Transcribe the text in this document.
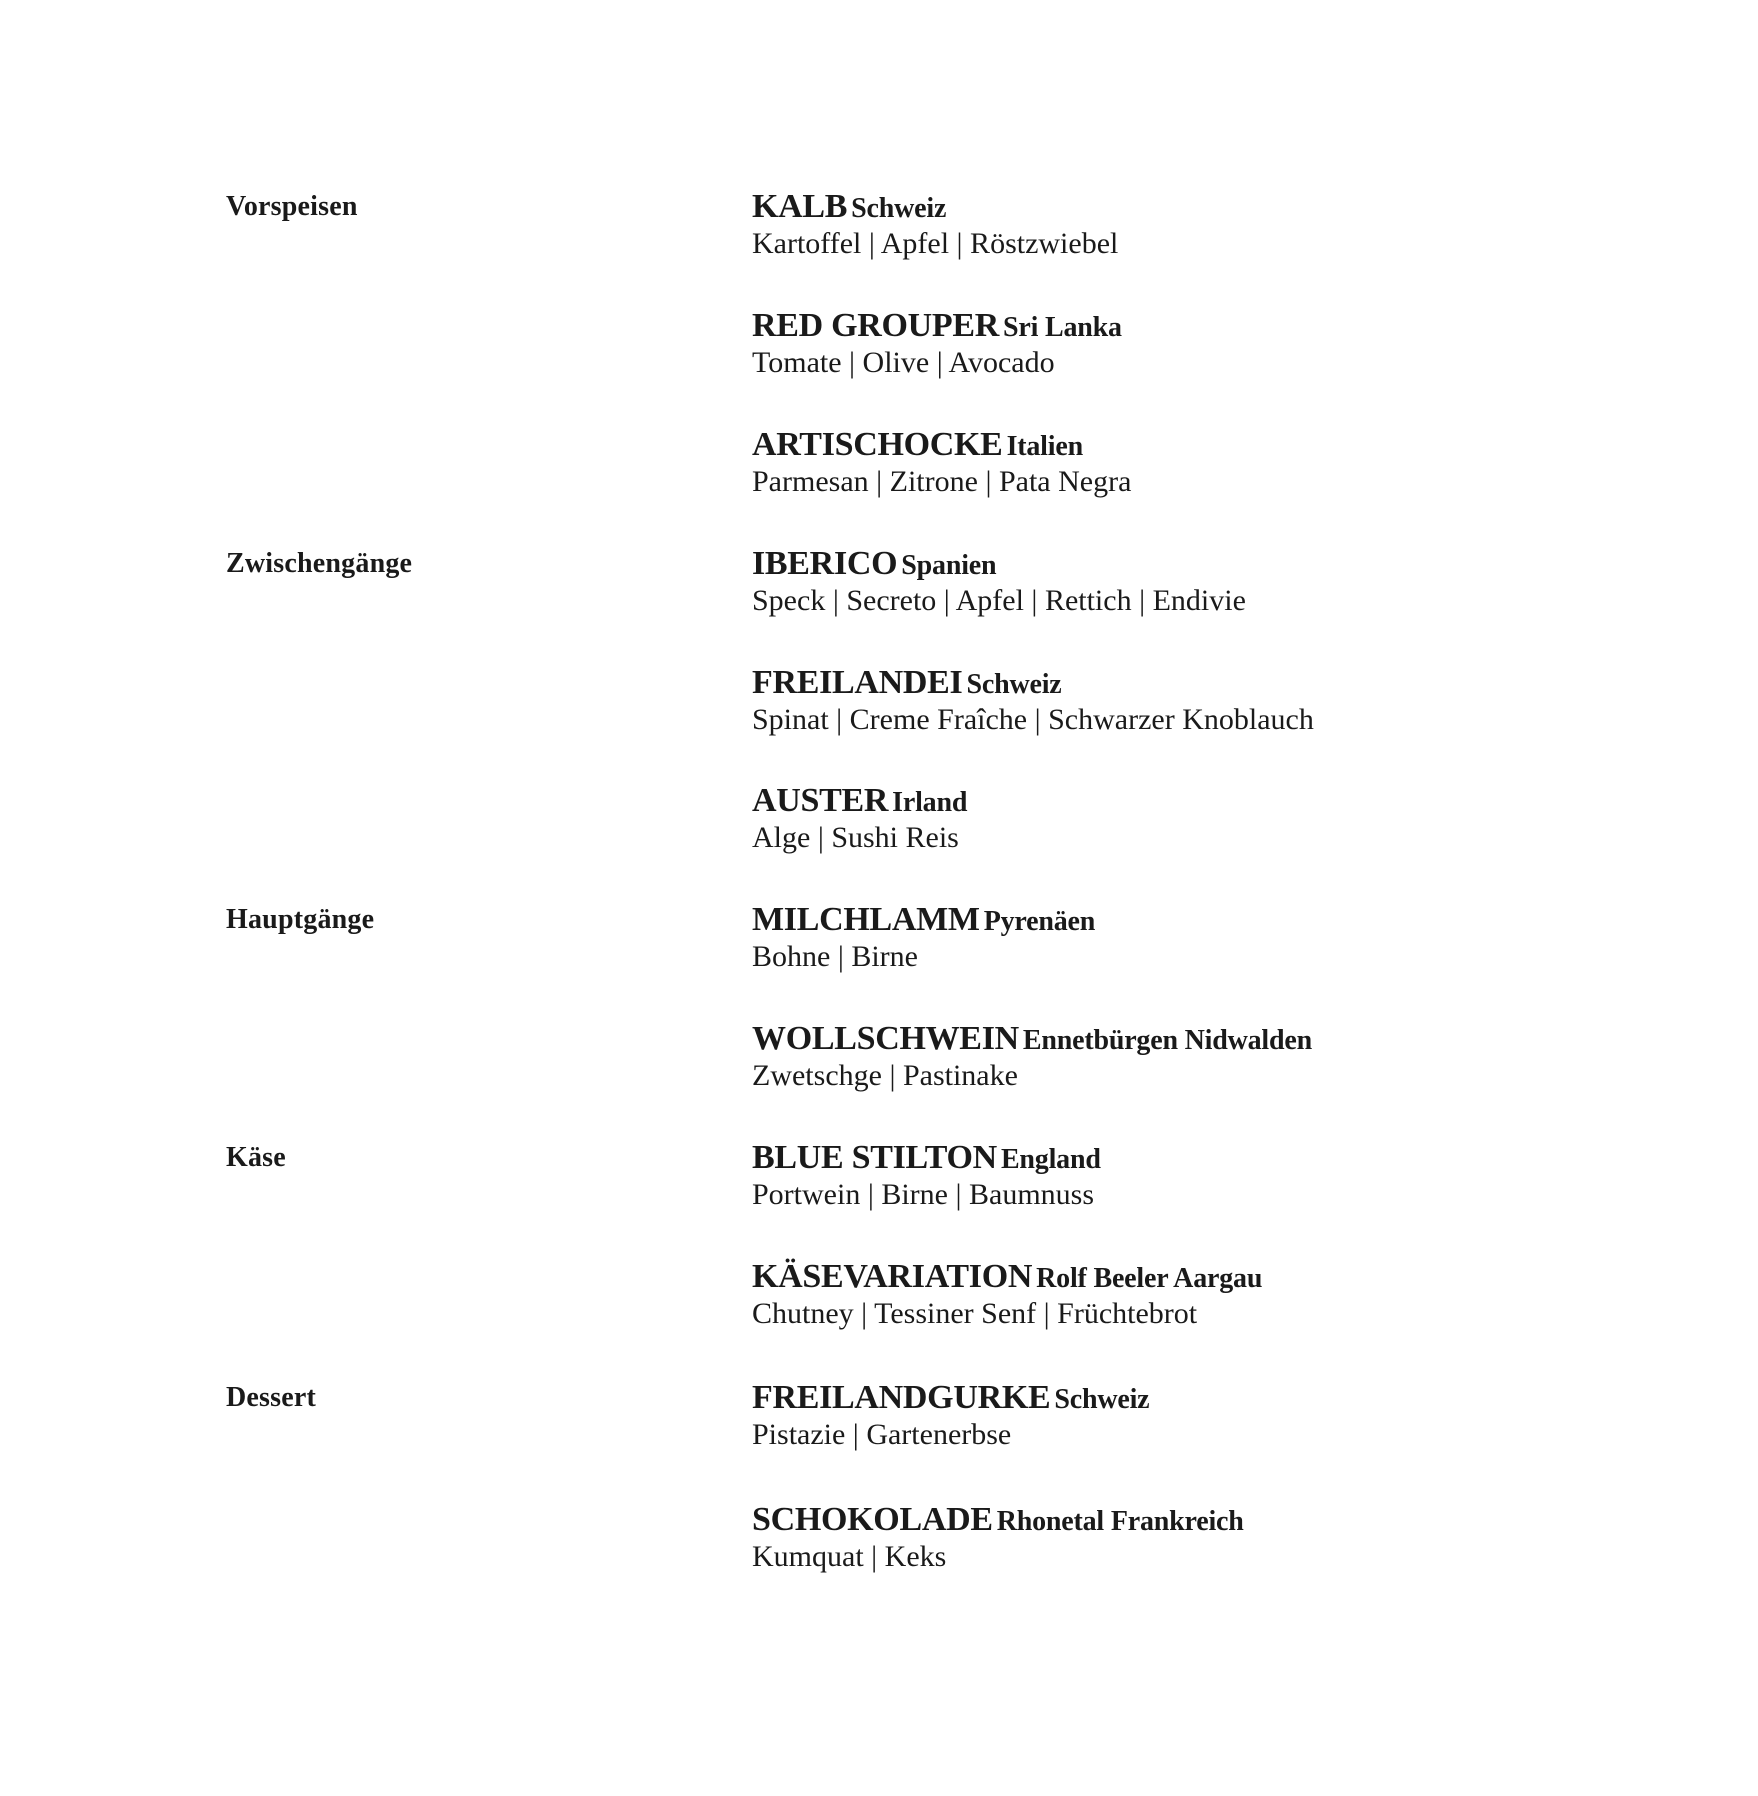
Vorspeisen
Zwischengänge
Hauptgänge
Käse
Dessert
KALB Schweiz
Kartoffel | Apfel | Röstzwiebel
RED GROUPER Sri Lanka
Tomate | Olive | Avocado
ARTISCHOCKE Italien
Parmesan | Zitrone | Pata Negra
IBERICO Spanien
Speck | Secreto | Apfel | Rettich | Endivie
FREILANDEI Schweiz
Spinat | Creme Fraîche | Schwarzer Knoblauch
AUSTER Irland
Alge | Sushi Reis
MILCHLAMM Pyrenäen
Bohne | Birne
WOLLSCHWEIN Ennetbürgen Nidwalden
Zwetschge | Pastinake
BLUE STILTON England
Portwein | Birne | Baumnuss
KÄSEVARIATION Rolf Beeler Aargau
Chutney | Tessiner Senf | Früchtebrot
FREILANDGURKE Schweiz
Pistazie | Gartenerbse
SCHOKOLADE Rhonetal Frankreich
Kumquat | Keks
